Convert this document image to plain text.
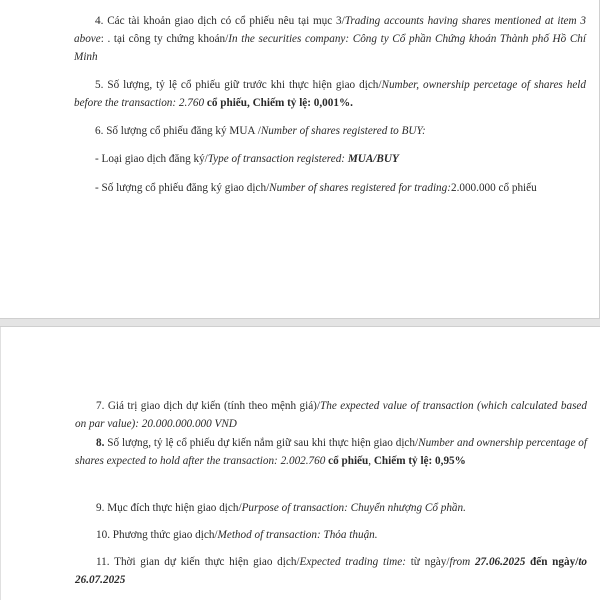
4. Các tài khoản giao dịch có cổ phiếu nêu tại mục 3/Trading accounts having shares mentioned at item 3 above: . tại công ty chứng khoán/In the securities company: Công ty Cổ phần Chứng khoán Thành phố Hồ Chí Minh

5. Số lượng, tỷ lệ cổ phiếu giữ trước khi thực hiện giao dịch/Number, ownership percetage of shares held before the transaction: 2.760 cổ phiếu, Chiếm tỷ lệ: 0,001%.

6. Số lượng cổ phiếu đăng ký MUA /Number of shares registered to BUY:

- Loại giao dịch đăng ký/Type of transaction registered: MUA/BUY

- Số lượng cổ phiếu đăng ký giao dịch/Number of shares registered for trading:2.000.000 cổ phiếu

7. Giá trị giao dịch dự kiến (tính theo mệnh giá)/The expected value of transaction (which calculated based on par value): 20.000.000.000 VND

8. Số lượng, tỷ lệ cổ phiếu dự kiến nắm giữ sau khi thực hiện giao dịch/Number and ownership percentage of shares expected to hold after the transaction: 2.002.760 cổ phiếu, Chiếm tỷ lệ: 0,95%

9. Mục đích thực hiện giao dịch/Purpose of transaction: Chuyển nhượng Cổ phần.

10. Phương thức giao dịch/Method of transaction: Thỏa thuận.

11. Thời gian dự kiến thực hiện giao dịch/Expected trading time: từ ngày/from 27.06.2025 đến ngày/to 26.07.2025
